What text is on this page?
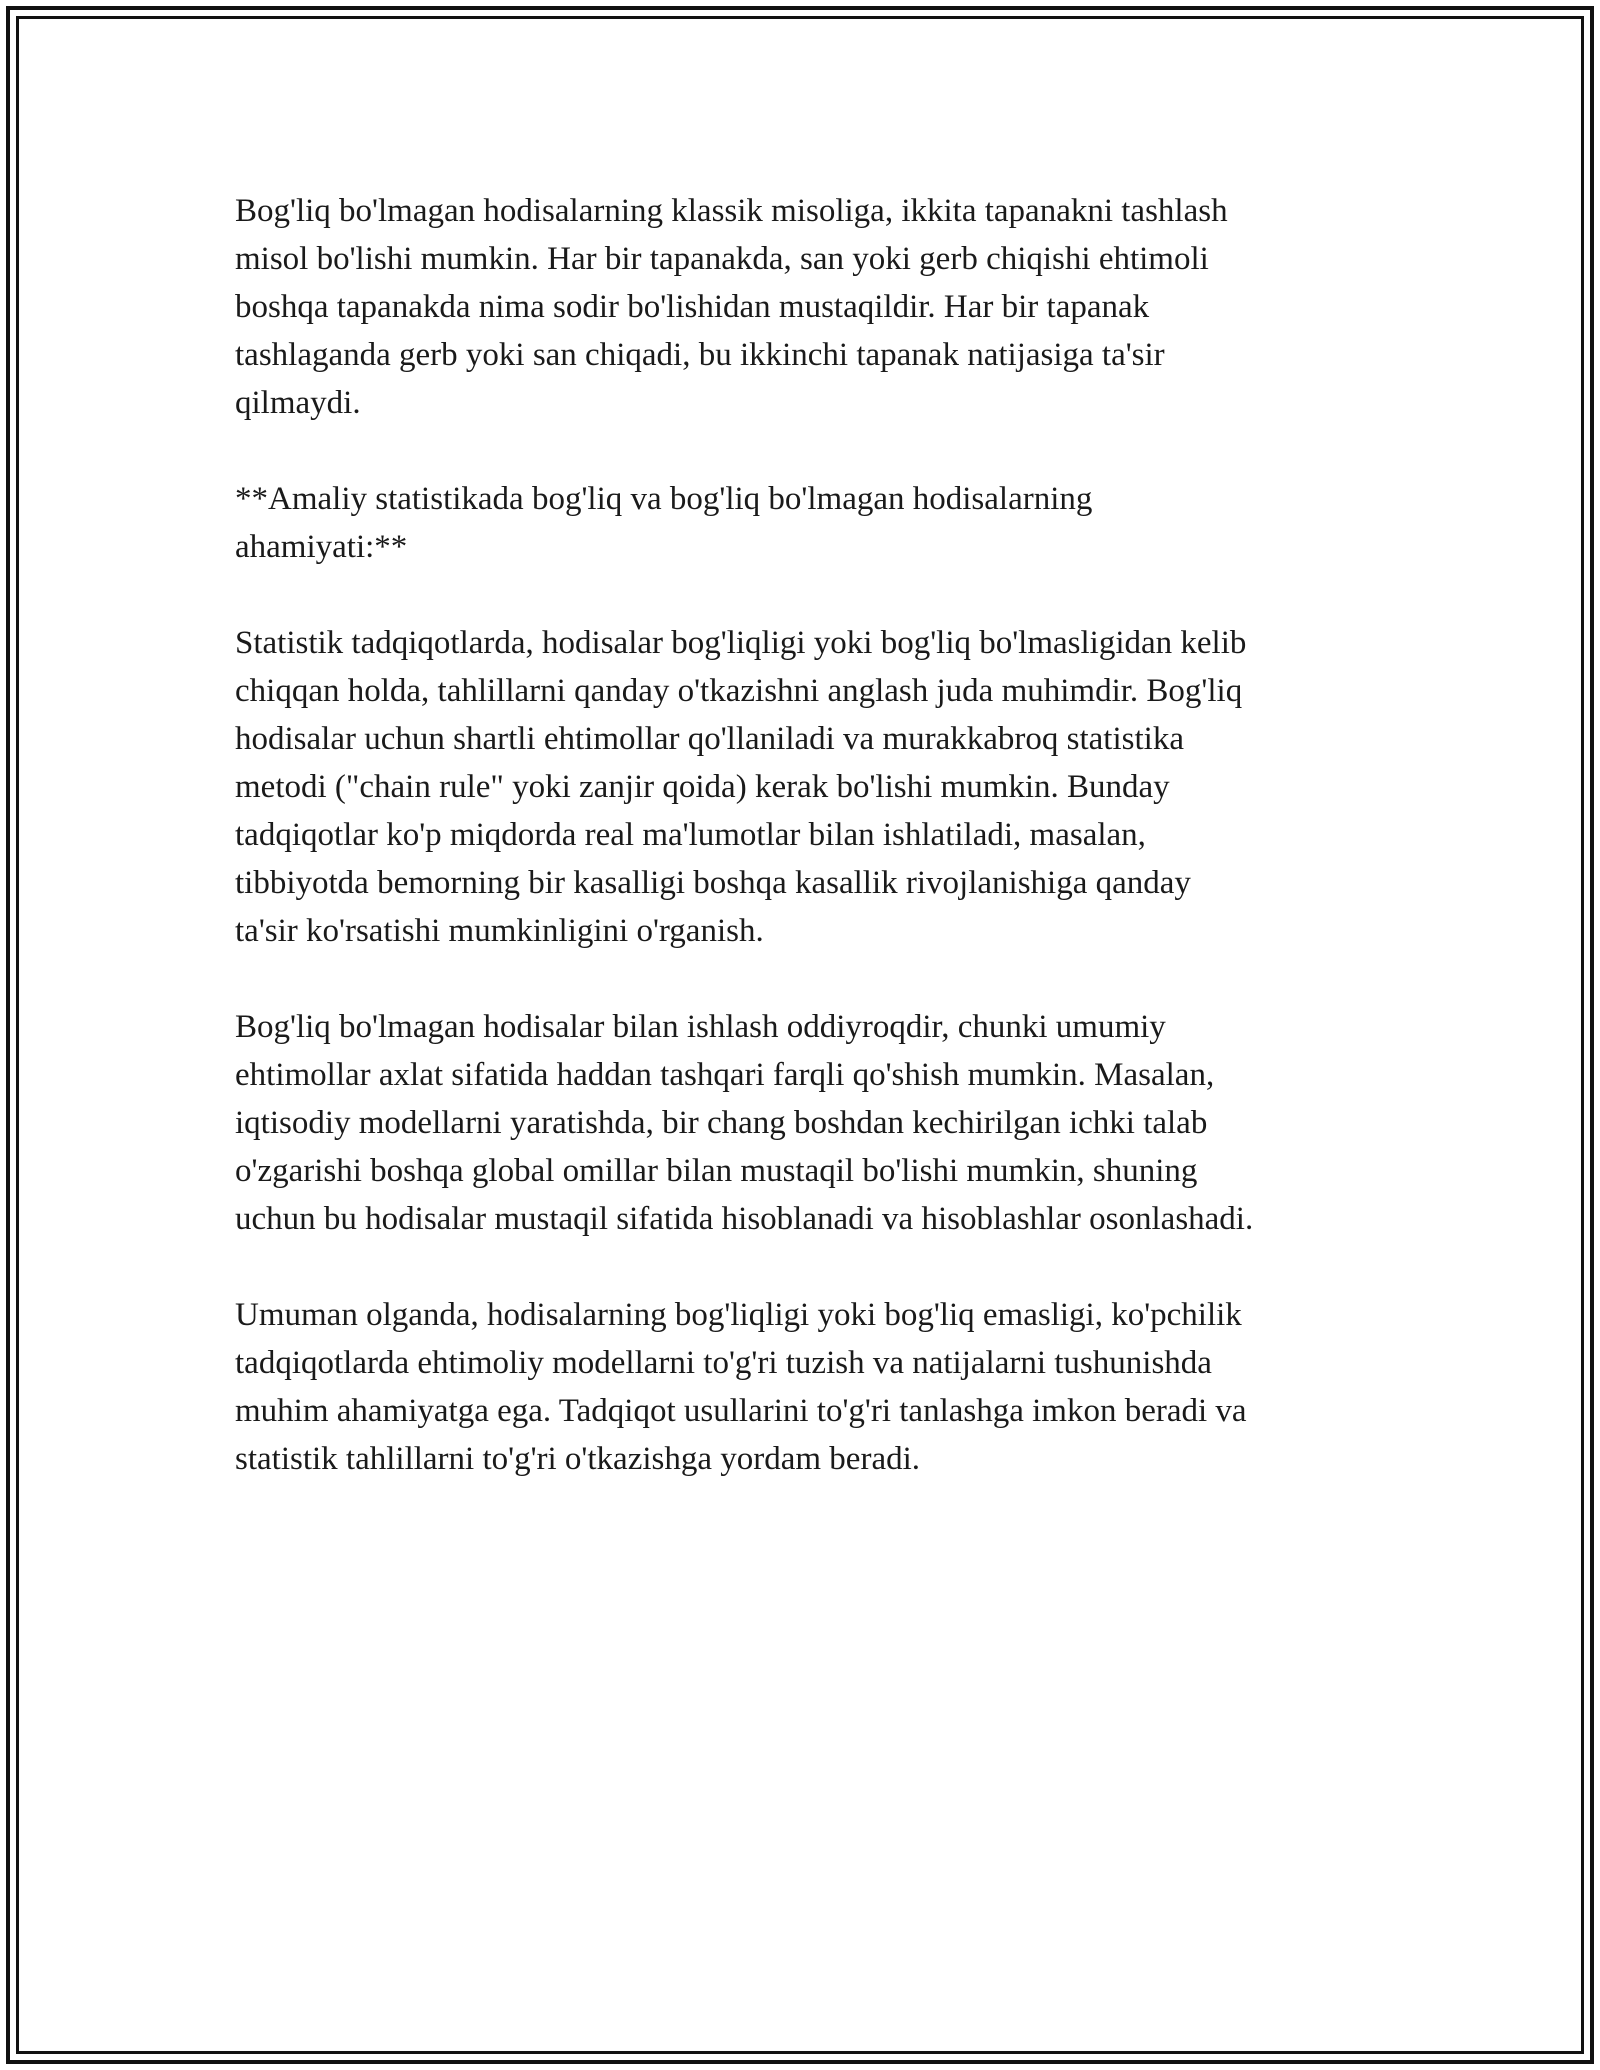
Bog'liq bo'lmagan hodisalarning klassik misoliga, ikkita tapanakni tashlash
misol bo'lishi mumkin. Har bir tapanakda, san yoki gerb chiqishi ehtimoli
boshqa tapanakda nima sodir bo'lishidan mustaqildir. Har bir tapanak
tashlaganda gerb yoki san chiqadi, bu ikkinchi tapanak natijasiga ta'sir
qilmaydi.

**Amaliy statistikada bog'liq va bog'liq bo'lmagan hodisalarning
ahamiyati:**

Statistik tadqiqotlarda, hodisalar bog'liqligi yoki bog'liq bo'lmasligidan kelib
chiqqan holda, tahlillarni qanday o'tkazishni anglash juda muhimdir. Bog'liq
hodisalar uchun shartli ehtimollar qo'llaniladi va murakkabroq statistika
metodi ("chain rule" yoki zanjir qoida) kerak bo'lishi mumkin. Bunday
tadqiqotlar ko'p miqdorda real ma'lumotlar bilan ishlatiladi, masalan,
tibbiyotda bemorning bir kasalligi boshqa kasallik rivojlanishiga qanday
ta'sir ko'rsatishi mumkinligini o'rganish.

Bog'liq bo'lmagan hodisalar bilan ishlash oddiyroqdir, chunki umumiy
ehtimollar axlat sifatida haddan tashqari farqli qo'shish mumkin. Masalan,
iqtisodiy modellarni yaratishda, bir chang boshdan kechirilgan ichki talab
o'zgarishi boshqa global omillar bilan mustaqil bo'lishi mumkin, shuning
uchun bu hodisalar mustaqil sifatida hisoblanadi va hisoblashlar osonlashadi.

Umuman olganda, hodisalarning bog'liqligi yoki bog'liq emasligi, ko'pchilik
tadqiqotlarda ehtimoliy modellarni to'g'ri tuzish va natijalarni tushunishda
muhim ahamiyatga ega. Tadqiqot usullarini to'g'ri tanlashga imkon beradi va
statistik tahlillarni to'g'ri o'tkazishga yordam beradi.
